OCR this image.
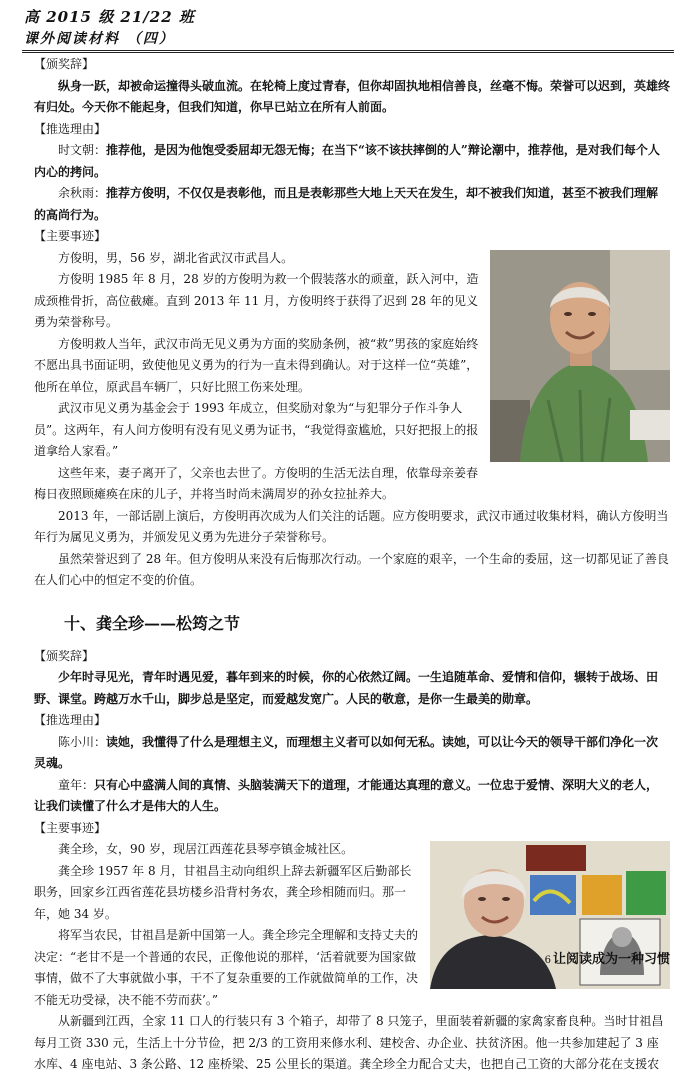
高 2015 级 21/22 班
课外阅读材料 （四）

【颁奖辞】

纵身一跃，却被命运撞得头破血流。在轮椅上度过青春，但你却固执地相信善良，丝毫不悔。荣誉可以迟到，英雄终有归处。今天你不能起身，但我们知道，你早已站立在所有人前面。

【推选理由】

时文朝：推荐他，是因为他饱受委屈却无怨无悔；在当下“该不该扶摔倒的人”辩论潮中，推荐他，是对我们每个人内心的拷问。

余秋雨：推荐方俊明，不仅仅是表彰他，而且是表彰那些大地上天天在发生，却不被我们知道，甚至不被我们理解的高尚行为。

【主要事迹】

方俊明，男，56 岁，湖北省武汉市武昌人。

方俊明 1985 年 8 月，28 岁的方俊明为救一个假装落水的顽童，跃入河中，造成颈椎骨折，高位截瘫。直到 2013 年 11 月，方俊明终于获得了迟到 28 年的见义勇为荣誉称号。

方俊明救人当年，武汉市尚无见义勇为方面的奖励条例，被“救”男孩的家庭始终不愿出具书面证明，致使他见义勇为的行为一直未得到确认。对于这样一位“英雄”，他所在单位，原武昌车辆厂，只好比照工伤来处理。

武汉市见义勇为基金会于 1993 年成立，但奖励对象为“与犯罪分子作斗争人员”。这两年，有人问方俊明有没有见义勇为证书，“我觉得蛮尴尬，只好把报上的报道拿给人家看。”

这些年来，妻子离开了，父亲也去世了。方俊明的生活无法自理，依靠母亲姜春梅日夜照顾瘫痪在床的儿子，并将当时尚未满周岁的孙女拉扯养大。

2013 年，一部话剧上演后，方俊明再次成为人们关注的话题。应方俊明要求，武汉市通过收集材料，确认方俊明当年行为属见义勇为，并颁发见义勇为先进分子荣誉称号。

虽然荣誉迟到了 28 年。但方俊明从来没有后悔那次行动。一个家庭的艰辛，一个生命的委屈，这一切都见证了善良在人们心中的恒定不变的价值。

十、龚全珍——松筠之节

【颁奖辞】

少年时寻见光，青年时遇见爱，暮年到来的时候，你的心依然辽阔。一生追随革命、爱情和信仰，辗转于战场、田野、课堂。跨越万水千山，脚步总是坚定，而爱越发宽广。人民的敬意，是你一生最美的勋章。

【推选理由】

陈小川：读她，我懂得了什么是理想主义，而理想主义者可以如何无私。读她，可以让今天的领导干部们净化一次灵魂。

童年：只有心中盛满人间的真情、头脑装满天下的道理，才能通达真理的意义。一位忠于爱情、深明大义的老人，让我们读懂了什么才是伟大的人生。

【主要事迹】

龚全珍，女，90 岁，现居江西莲花县琴亭镇金城社区。

龚全珍 1957 年 8 月，甘祖昌主动向组织上辞去新疆军区后勤部长职务，回家乡江西省莲花县坊楼乡沿背村务农，龚全珍相随而归。那一年，她 34 岁。

将军当农民，甘祖昌是新中国第一人。龚全珍完全理解和支持丈夫的决定：“老甘不是一个普通的农民，正像他说的那样，‘活着就要为国家做事情，做不了大事就做小事，干不了复杂重要的工作就做简单的工作，决不能无功受禄，决不能不劳而获’。”

从新疆到江西，全家 11 口人的行装只有 3 个箱子，却带了 8 只笼子，里面装着新疆的家禽家畜良种。当时甘祖昌每月工资 330 元，生活上十分节俭，把 2/3 的工资用来修水利、建校舍、办企业、扶贫济困。他一共参加建起了 3 座水库、4 座电站、3 条公路、12 座桥梁、25 公里长的渠道。龚全珍全力配合丈夫，也把自己工资的大部分花在支援农

6 让阅读成为一种习惯
